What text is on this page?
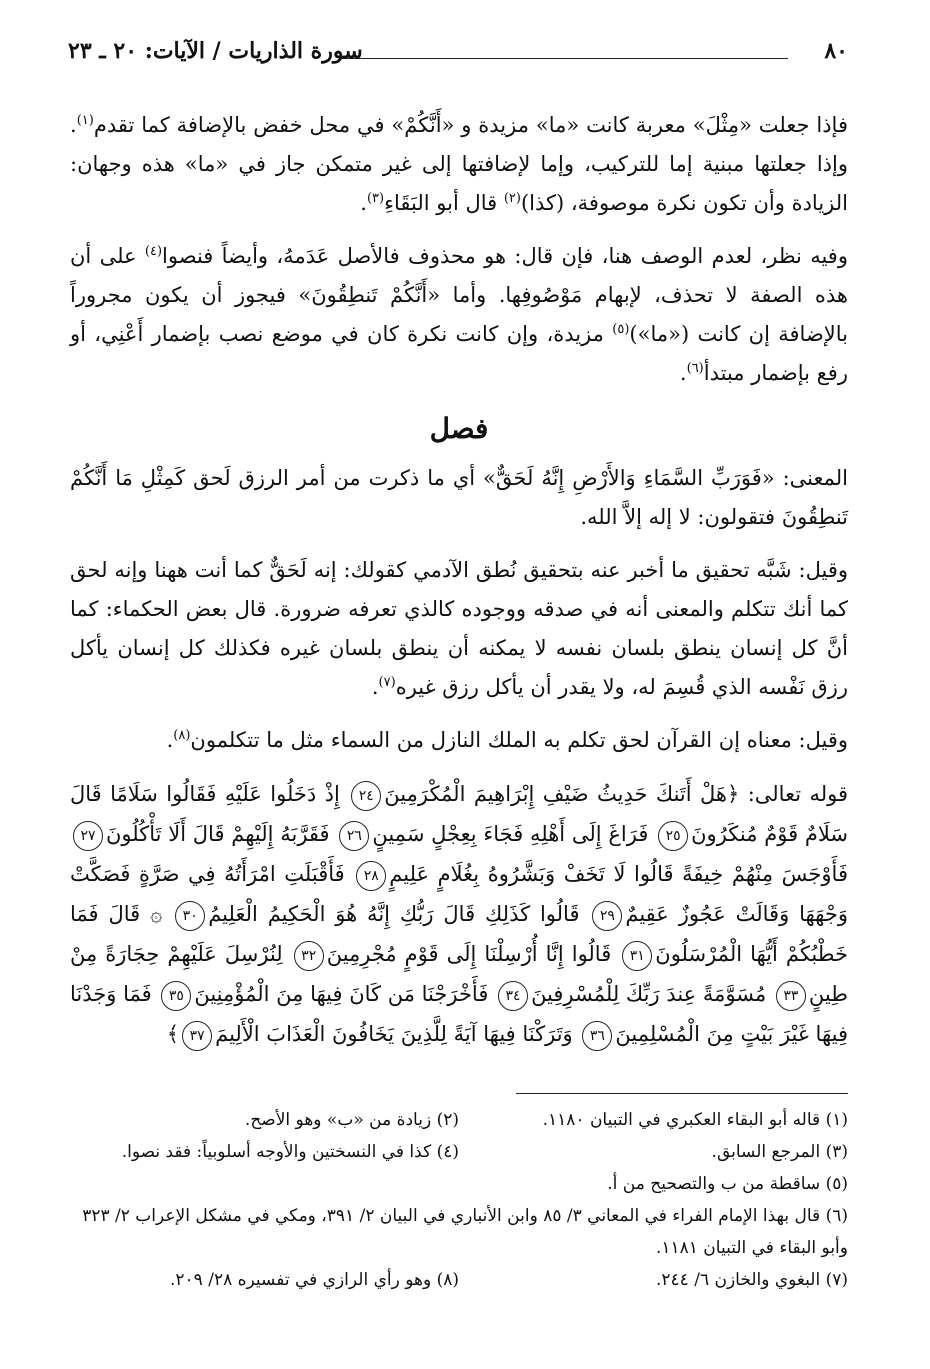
٨٠
سورة الذاريات / الآيات: ٢٠ ـ ٢٣

فإذا جعلت «مِثْلَ» معربة كانت «ما» مزيدة و «أَنَّكُمْ» في محل خفض بالإضافة كما تقدم$^{(١)}$. وإذا جعلتها مبنية إما للتركيب، وإما لإضافتها إلى غير متمكن جاز في «ما» هذه وجهان: الزيادة وأن تكون نكرة موصوفة، (كذا)$^{(٢)}$ قال أبو البَقَاءِ$^{(٣)}$.

وفيه نظر، لعدم الوصف هنا، فإن قال: هو محذوف فالأصل عَدَمهُ، وأيضاً فنصوا$^{(٤)}$ على أن هذه الصفة لا تحذف، لإبهام مَوْصُوفِها. وأما «أَنَّكُمْ تَنطِقُونَ» فيجوز أن يكون مجروراً بالإضافة إن كانت («ما»)$^{(٥)}$ مزيدة، وإن كانت نكرة كان في موضع نصب بإضمار أَعْنِي، أو رفع بإضمار مبتدأ$^{(٦)}$.

فصل

المعنى: «فَوَرَبِّ السَّمَاءِ وَالأَرْضِ إِنَّهُ لَحَقٌّ» أي ما ذكرت من أمر الرزق لَحق كَمِثْلِ مَا أَنَّكُمْ تَنطِقُونَ فتقولون: لا إله إلاَّ الله.

وقيل: شَبَّه تحقيق ما أخبر عنه بتحقيق نُطق الآدمي كقولك: إنه لَحَقٌّ كما أنت ههنا وإنه لحق كما أنك تتكلم والمعنى أنه في صدقه ووجوده كالذي تعرفه ضرورة. قال بعض الحكماء: كما أنَّ كل إنسان ينطق بلسان نفسه لا يمكنه أن ينطق بلسان غيره فكذلك كل إنسان يأكل رزق نَفْسه الذي قُسِمَ له، ولا يقدر أن يأكل رزق غيره$^{(٧)}$.

وقيل: معناه إن القرآن لحق تكلم به الملك النازل من السماء مثل ما تتكلمون$^{(٨)}$.

قوله تعالى: ﴿هَلْ أَتَنكَ حَدِيثُ ضَيْفِ إِبْرَاهِيمَ الْمُكْرَمِينَ٢٤ إِذْ دَخَلُوا عَلَيْهِ فَقَالُوا سَلَامًا قَالَ سَلَامٌ قَوْمٌ مُنكَرُونَ٢٥ فَرَاغَ إِلَى أَهْلِهِ فَجَاءَ بِعِجْلٍ سَمِينٍ٢٦ فَقَرَّبَهُ إِلَيْهِمْ قَالَ أَلَا تَأْكُلُونَ٢٧ فَأَوْجَسَ مِنْهُمْ خِيفَةً قَالُوا لَا تَخَفْ وَبَشَّرُوهُ بِغُلَامٍ عَلِيمٍ٢٨ فَأَقْبَلَتِ امْرَأَتُهُ فِي صَرَّةٍ فَصَكَّتْ وَجْهَهَا وَقَالَتْ عَجُوزٌ عَقِيمٌ٢٩ قَالُوا كَذَلِكِ قَالَ رَبُّكِ إِنَّهُ هُوَ الْحَكِيمُ الْعَلِيمُ٣٠ ۞ قَالَ فَمَا خَطْبُكُمْ أَيُّهَا الْمُرْسَلُونَ٣١ قَالُوا إِنَّا أُرْسِلْنَا إِلَى قَوْمٍ مُجْرِمِينَ٣٢ لِنُرْسِلَ عَلَيْهِمْ حِجَارَةً مِنْ طِينٍ٣٣ مُسَوَّمَةً عِندَ رَبِّكَ لِلْمُسْرِفِينَ٣٤ فَأَخْرَجْنَا مَن كَانَ فِيهَا مِنَ الْمُؤْمِنِينَ٣٥ فَمَا وَجَدْنَا فِيهَا غَيْرَ بَيْتٍ مِنَ الْمُسْلِمِينَ٣٦ وَتَرَكْنَا فِيهَا آيَةً لِلَّذِينَ يَخَافُونَ الْعَذَابَ الْأَلِيمَ٣٧﴾
(١) قاله أبو البقاء العكبري في التبيان ١١٨٠.
(٢) زيادة من «ب» وهو الأصح.
(٣) المرجع السابق.
(٤) كذا في النسختين والأوجه أسلوبياً: فقد نصوا.
(٥) ساقطة من ب والتصحيح من أ.
(٦) قال بهذا الإمام الفراء في المعاني ٣/ ٨٥ وابن الأنباري في البيان ٢/ ٣٩١، ومكي في مشكل الإعراب ٢/ ٣٢٣ وأبو البقاء في التبيان ١١٨١.
(٧) البغوي والخازن ٦/ ٢٤٤.
(٨) وهو رأي الرازي في تفسيره ٢٨/ ٢٠٩.
